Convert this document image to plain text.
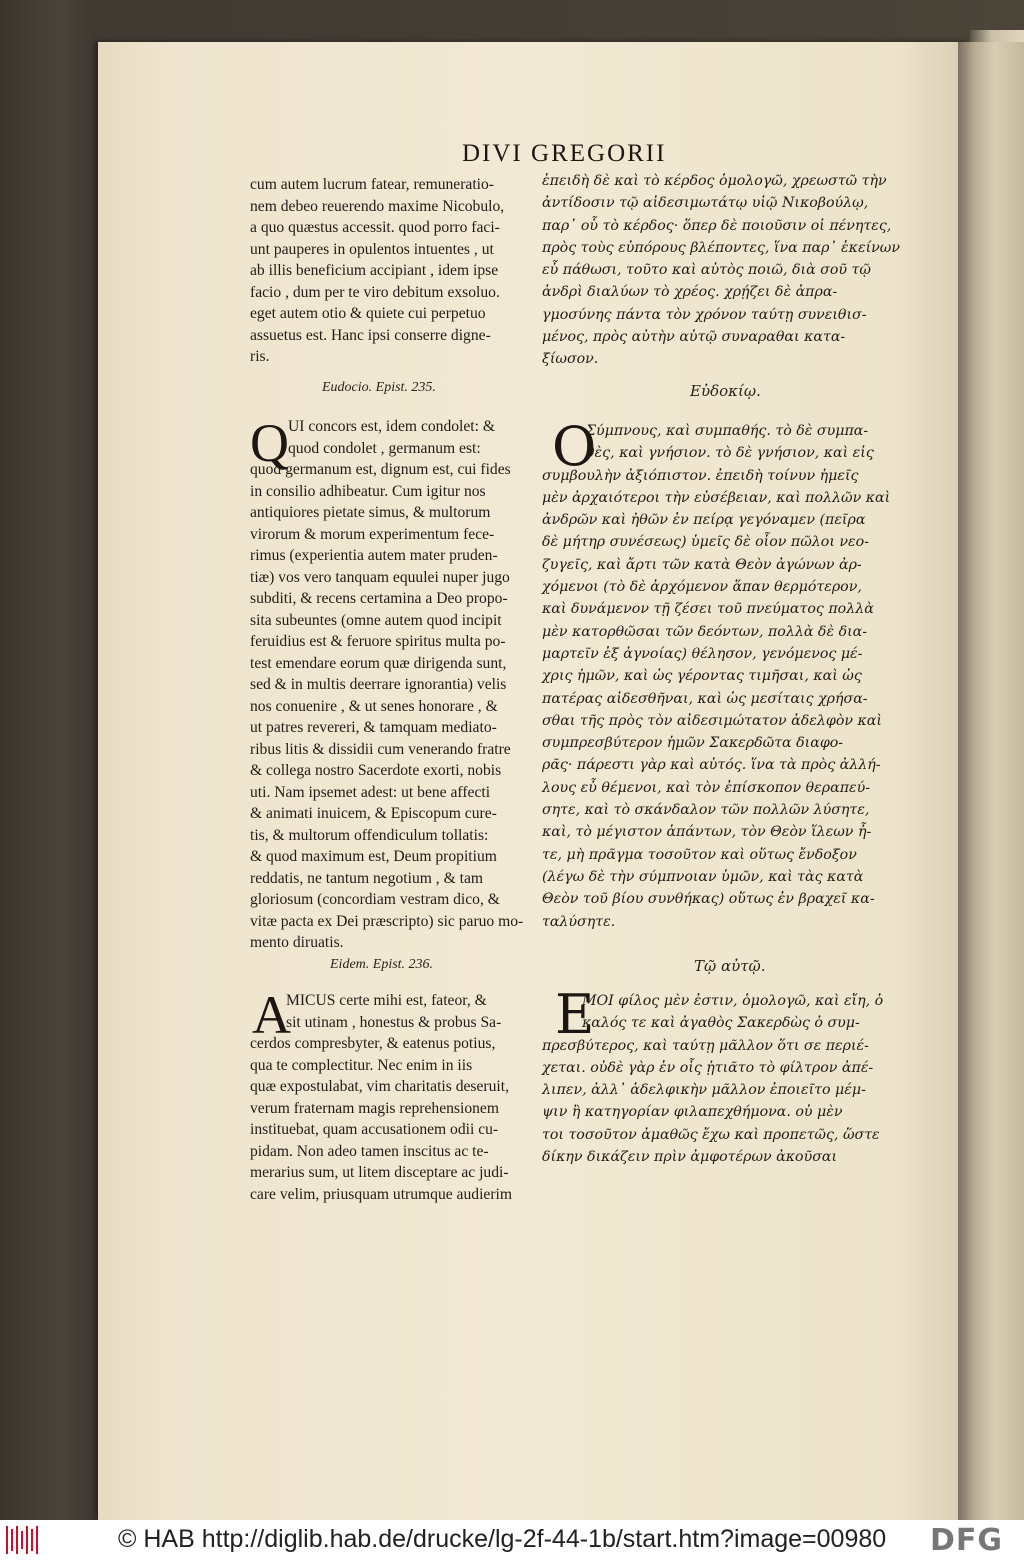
DIVI GREGORII
cum autem lucrum fatear, remuneratio-
nem debeo reuerendo maxime Nicobulo,
a quo quæstus accessit. quod porro faci-
unt pauperes in opulentos intuentes , ut
ab illis beneficium accipiant , idem ipse
facio , dum per te viro debitum exsoluo.
eget autem otio & quiete cui perpetuo
assuetus est. Hanc ipsi conserre digne-
ris.
ἐπειδὴ δὲ καὶ τὸ κέρδος ὁμολογῶ, χρεωστῶ τὴν
ἀντίδοσιν τῷ αἰδεσιμωτάτῳ υἱῷ Νικοβούλῳ,
παρ᾽ οὗ τὸ κέρδος· ὅπερ δὲ ποιοῦσιν οἱ πένητες,
πρὸς τοὺς εὐπόρους βλέποντες, ἵνα παρ᾽ ἐκείνων
εὖ πάθωσι, τοῦτο καὶ αὐτὸς ποιῶ, διὰ σοῦ τῷ
ἀνδρὶ διαλύων τὸ χρέος. χρῄζει δὲ ἀπρα-
γμοσύνης πάντα τὸν χρόνον ταύτῃ συνειθισ-
μένος, πρὸς αὐτὴν αὐτῷ συναραθαι κατα-
ξίωσον.
Eudocio. Epist. 235.	Εὐδοκίῳ.
Q UI concors est, idem condolet: &
quod condolet , germanum est:
quod germanum est, dignum est, cui fides
in consilio adhibeatur. Cum igitur nos
antiquiores pietate simus, & multorum
virorum & morum experimentum fece-
rimus (experientia autem mater pruden-
tiæ) vos vero tanquam equulei nuper jugo
subditi, & recens certamina a Deo propo-
sita subeuntes (omne autem quod incipit
feruidius est & feruore spiritus multa po-
test emendare eorum quæ dirigenda sunt,
sed & in multis deerrare ignorantia) velis
nos conuenire , & ut senes honorare , &
ut patres revereri, & tamquam mediato-
ribus litis & dissidii cum venerando fratre
& collega nostro Sacerdote exorti, nobis
uti. Nam ipsemet adest: ut bene affecti
& animati inuicem, & Episcopum cure-
tis, & multorum offendiculum tollatis:
& quod maximum est, Deum propitium
reddatis, ne tantum negotium , & tam
gloriosum (concordiam vestram dico, &
vitæ pacta ex Dei præscripto) sic paruo mo-
mento diruatis.
Ο
Σύμπνους, καὶ συμπαθής. τὸ δὲ συμπα-
θὲς, καὶ γνήσιον. τὸ δὲ γνήσιον, καὶ εἰς
συμβουλὴν ἀξιόπιστον. ἐπειδὴ τοίνυν ἡμεῖς
μὲν ἀρχαιότεροι τὴν εὐσέβειαν, καὶ πολλῶν καὶ
ἀνδρῶν καὶ ἠθῶν ἐν πείρᾳ γεγόναμεν (πεῖρα
δὲ μήτηρ συνέσεως) ὑμεῖς δὲ οἷον πῶλοι νεο-
ζυγεῖς, καὶ ἄρτι τῶν κατὰ Θεὸν ἀγώνων ἀρ-
χόμενοι (τὸ δὲ ἀρχόμενον ἅπαν θερμότερον,
καὶ δυνάμενον τῇ ζέσει τοῦ πνεύματος πολλὰ
μὲν κατορθῶσαι τῶν δεόντων, πολλὰ δὲ δια-
μαρτεῖν ἐξ ἀγνοίας) θέλησον, γενόμενος μέ-
χρις ἡμῶν, καὶ ὡς γέροντας τιμῆσαι, καὶ ὡς
πατέρας αἰδεσθῆναι, καὶ ὡς μεσίταις χρήσα-
σθαι τῆς πρὸς τὸν αἰδεσιμώτατον ἀδελφὸν καὶ
συμπρεσβύτερον ἡμῶν Σακερδῶτα διαφο-
ρᾶς· πάρεστι γὰρ καὶ αὐτός. ἵνα τὰ πρὸς ἀλλή-
λους εὖ θέμενοι, καὶ τὸν ἐπίσκοπον θεραπεύ-
σητε, καὶ τὸ σκάνδαλον τῶν πολλῶν λύσητε,
καὶ, τὸ μέγιστον ἁπάντων, τὸν Θεὸν ἵλεων ἦ-
τε, μὴ πρᾶγμα τοσοῦτον καὶ οὕτως ἔνδοξον
(λέγω δὲ τὴν σύμπνοιαν ὑμῶν, καὶ τὰς κατὰ
Θεὸν τοῦ βίου συνθήκας) οὕτως ἐν βραχεῖ κα-
ταλύσητε.
Eidem. Epist. 236.	Τῷ αὐτῷ.
A
MICUS certe mihi est, fateor, &
sit utinam , honestus & probus Sa-
cerdos compresbyter, & eatenus potius,
qua te complectitur. Nec enim in iis
quæ expostulabat, vim charitatis deseruit,
verum fraternam magis reprehensionem
instituebat, quam accusationem odii cu-
pidam. Non adeo tamen inscitus ac te-
merarius sum, ut litem disceptare ac judi-
care velim, priusquam utrumque audierim
Ε
ΜΟΙ φίλος μὲν ἐστιν, ὁμολογῶ, καὶ εἴη, ὁ
καλός τε καὶ ἀγαθὸς Σακερδὼς ὁ συμ-
πρεσβύτερος, καὶ ταύτῃ μᾶλλον ὅτι σε περιέ-
χεται. οὐδὲ γὰρ ἐν οἷς ᾐτιᾶτο τὸ φίλτρον ἀπέ-
λιπεν, ἀλλ᾽ ἀδελφικὴν μᾶλλον ἐποιεῖτο μέμ-
ψιν ἢ κατηγορίαν φιλαπεχθήμονα. οὐ μὲν
τοι τοσοῦτον ἀμαθῶς ἔχω καὶ προπετῶς, ὥστε
δίκην δικάζειν πρὶν ἀμφοτέρων ἀκοῦσαι
© HAB http://diglib.hab.de/drucke/lg-2f-44-1b/start.htm?image=00980 DFG
